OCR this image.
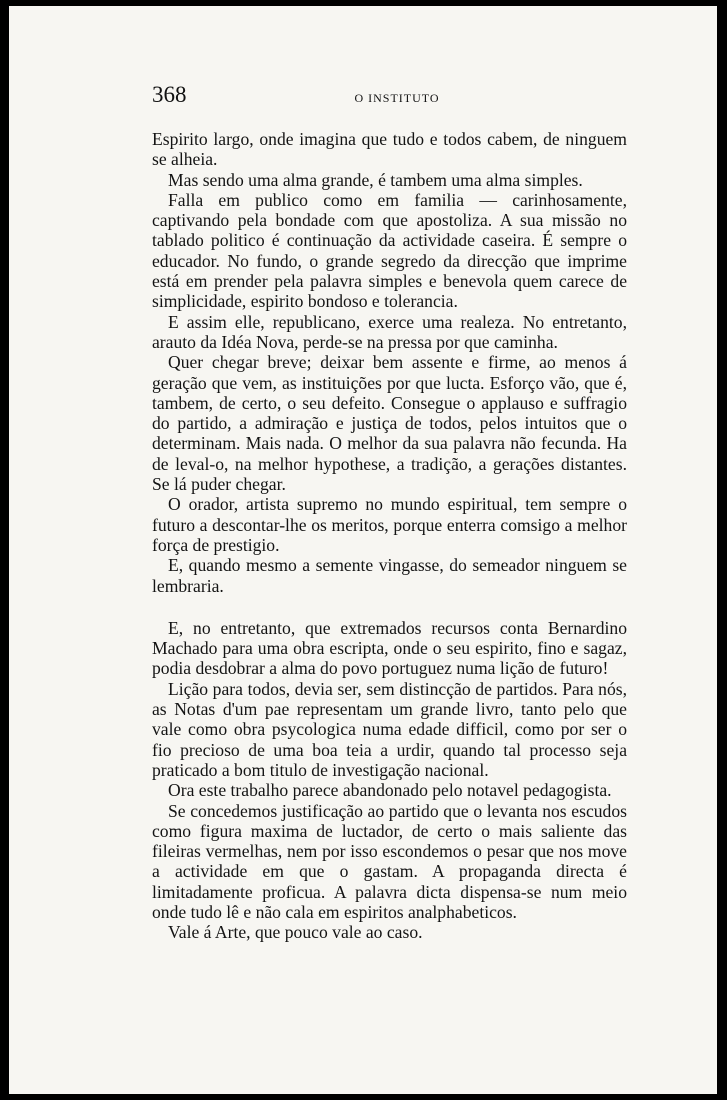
368	O INSTITUTO

Espirito largo, onde imagina que tudo e todos cabem, de ninguem se alheia.

Mas sendo uma alma grande, é tambem uma alma simples.

Falla em publico como em familia — carinhosamente, captivando pela bondade com que apostoliza. A sua missão no tablado politico é continuação da actividade caseira. É sempre o educador. No fundo, o grande segredo da direcção que imprime está em prender pela palavra simples e benevola quem carece de simplicidade, espirito bondoso e tolerancia.

E assim elle, republicano, exerce uma realeza. No entretanto, arauto da Idéa Nova, perde-se na pressa por que caminha.

Quer chegar breve; deixar bem assente e firme, ao menos á geração que vem, as instituições por que lucta. Esforço vão, que é, tambem, de certo, o seu defeito. Consegue o applauso e suffragio do partido, a admiração e justiça de todos, pelos intuitos que o determinam. Mais nada. O melhor da sua palavra não fecunda. Ha de leval-o, na melhor hypothese, a tradição, a gerações distantes. Se lá puder chegar.

O orador, artista supremo no mundo espiritual, tem sempre o futuro a descontar-lhe os meritos, porque enterra comsigo a melhor força de prestigio.

E, quando mesmo a semente vingasse, do semeador ninguem se lembraria.

E, no entretanto, que extremados recursos conta Bernardino Machado para uma obra escripta, onde o seu espirito, fino e sagaz, podia desdobrar a alma do povo portuguez numa lição de futuro!

Lição para todos, devia ser, sem distincção de partidos. Para nós, as Notas d'um pae representam um grande livro, tanto pelo que vale como obra psycologica numa edade difficil, como por ser o fio precioso de uma boa teia a urdir, quando tal processo seja praticado a bom titulo de investigação nacional.

Ora este trabalho parece abandonado pelo notavel pedagogista.

Se concedemos justificação ao partido que o levanta nos escudos como figura maxima de luctador, de certo o mais saliente das fileiras vermelhas, nem por isso escondemos o pesar que nos move a actividade em que o gastam. A propaganda directa é limitadamente proficua. A palavra dicta dispensa-se num meio onde tudo lê e não cala em espiritos analphabeticos.

Vale á Arte, que pouco vale ao caso.
